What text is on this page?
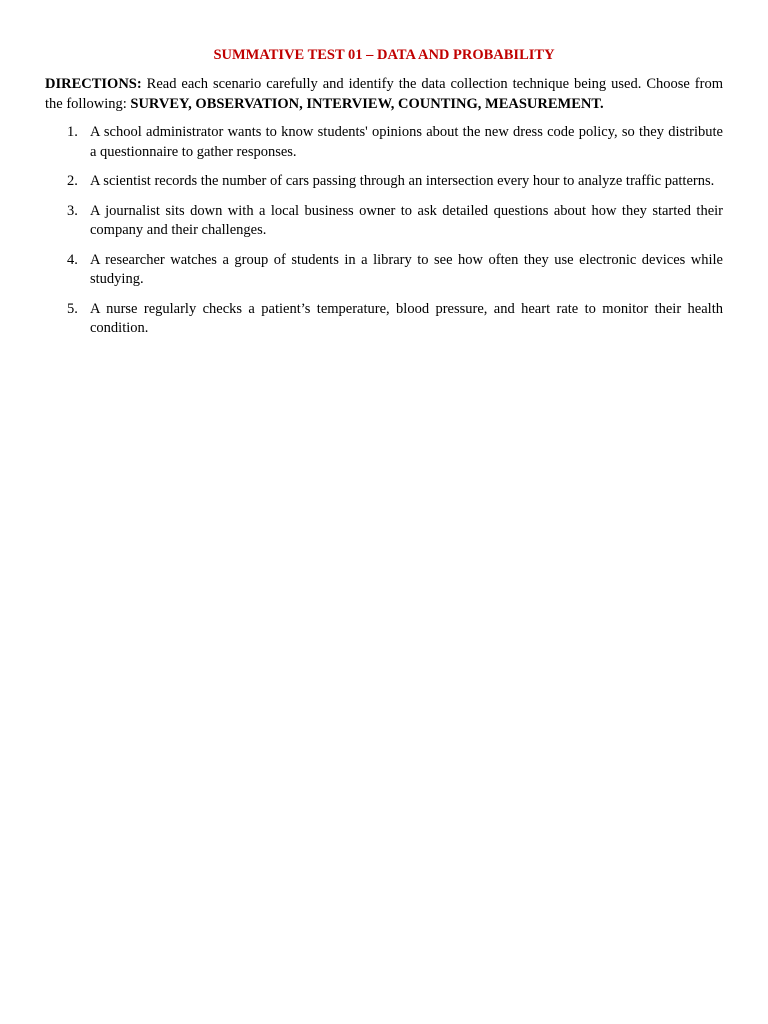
SUMMATIVE TEST 01 – DATA AND PROBABILITY

DIRECTIONS: Read each scenario carefully and identify the data collection technique being used. Choose from the following: SURVEY, OBSERVATION, INTERVIEW, COUNTING, MEASUREMENT.

1. A school administrator wants to know students' opinions about the new dress code policy, so they distribute a questionnaire to gather responses.
2. A scientist records the number of cars passing through an intersection every hour to analyze traffic patterns.
3. A journalist sits down with a local business owner to ask detailed questions about how they started their company and their challenges.
4. A researcher watches a group of students in a library to see how often they use electronic devices while studying.
5. A nurse regularly checks a patient’s temperature, blood pressure, and heart rate to monitor their health condition.
